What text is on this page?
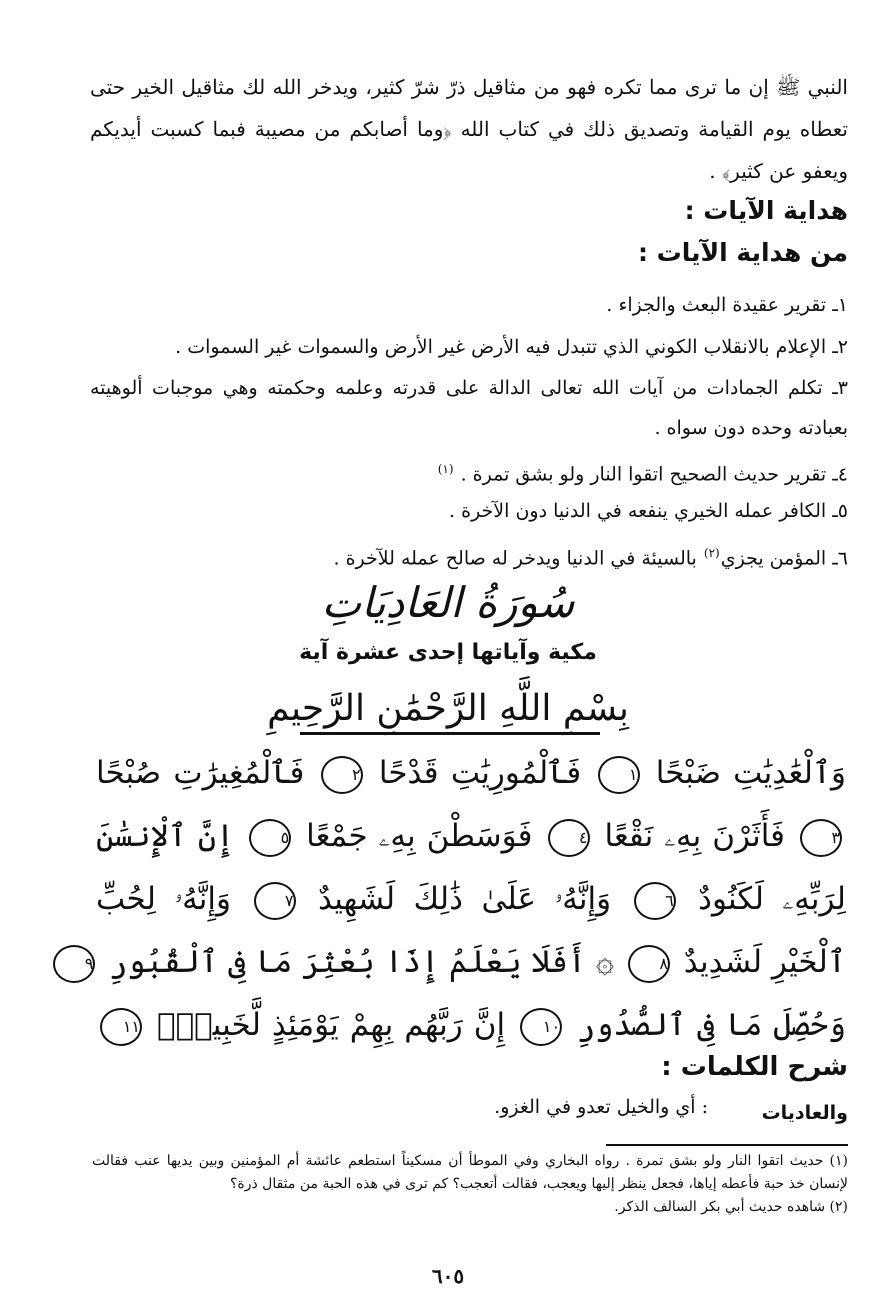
النبي ﷺ إن ما ترى مما تكره فهو من مثاقيل ذرّ شرّ كثير، ويدخر الله لك مثاقيل الخير حتى تعطاه يوم القيامة وتصديق ذلك في كتاب الله ﴿وما أصابكم من مصيبة فبما كسبت أيديكم ويعفو عن كثير﴾ .
هداية الآيات :
من هداية الآيات :
١ـ تقرير عقيدة البعث والجزاء .
٢ـ الإعلام بالانقلاب الكوني الذي تتبدل فيه الأرض غير الأرض والسموات غير السموات .
٣ـ تكلم الجمادات من آيات الله تعالى الدالة على قدرته وعلمه وحكمته وهي موجبات ألوهيته بعبادته وحده دون سواه .
٤ـ تقرير حديث الصحيح اتقوا النار ولو بشق تمرة . $^{(١)}$
٥ـ الكافر عمله الخيري ينفعه في الدنيا دون الآخرة .
٦ـ المؤمن يجزي$^{(٢)}$ بالسيئة في الدنيا ويدخر له صالح عمله للآخرة .
سُورَةُ العَادِيَاتِ
مكية وآياتها إحدى عشرة آية
بِسْمِ اللَّهِ الرَّحْمَٰنِ الرَّحِيمِ
وَٱلْعَٰدِيَٰتِ ضَبْحًا ١ فَٱلْمُورِيَٰتِ قَدْحًا ٢ فَٱلْمُغِيرَٰتِ صُبْحًا
٣ فَأَثَرْنَ بِهِۦ نَقْعًا ٤ فَوَسَطْنَ بِهِۦ جَمْعًا ٥ إِنَّ ٱلْإِنسَٰنَ
لِرَبِّهِۦ لَكَنُودٌ ٦ وَإِنَّهُۥ عَلَىٰ ذَٰلِكَ لَشَهِيدٌ ٧ وَإِنَّهُۥ لِحُبِّ
ٱلْخَيْرِ لَشَدِيدٌ ٨ ۞ أَفَلَا يَعْلَمُ إِذَا بُعْثِرَ مَا فِى ٱلْقُبُورِ ٩
وَحُصِّلَ مَا فِى ٱلصُّدُورِ ١٠ إِنَّ رَبَّهُم بِهِمْ يَوْمَئِذٍ لَّخَبِيرٌۢ ١١
شرح الكلمات :
والعاديات
: أي والخيل تعدو في الغزو.
(١) حديث اتقوا النار ولو بشق تمرة . رواه البخاري وفي الموطأ أن مسكيناً استطعم عائشة أم المؤمنين وبين يديها عنب فقالت لإنسان خذ حبة فأعطه إياها، فجعل ينظر إليها ويعجب، فقالت أتعجب؟ كم ترى في هذه الحبة من مثقال ذرة؟
(٢) شاهده حديث أبي بكر السالف الذكر.
٦٠٥
